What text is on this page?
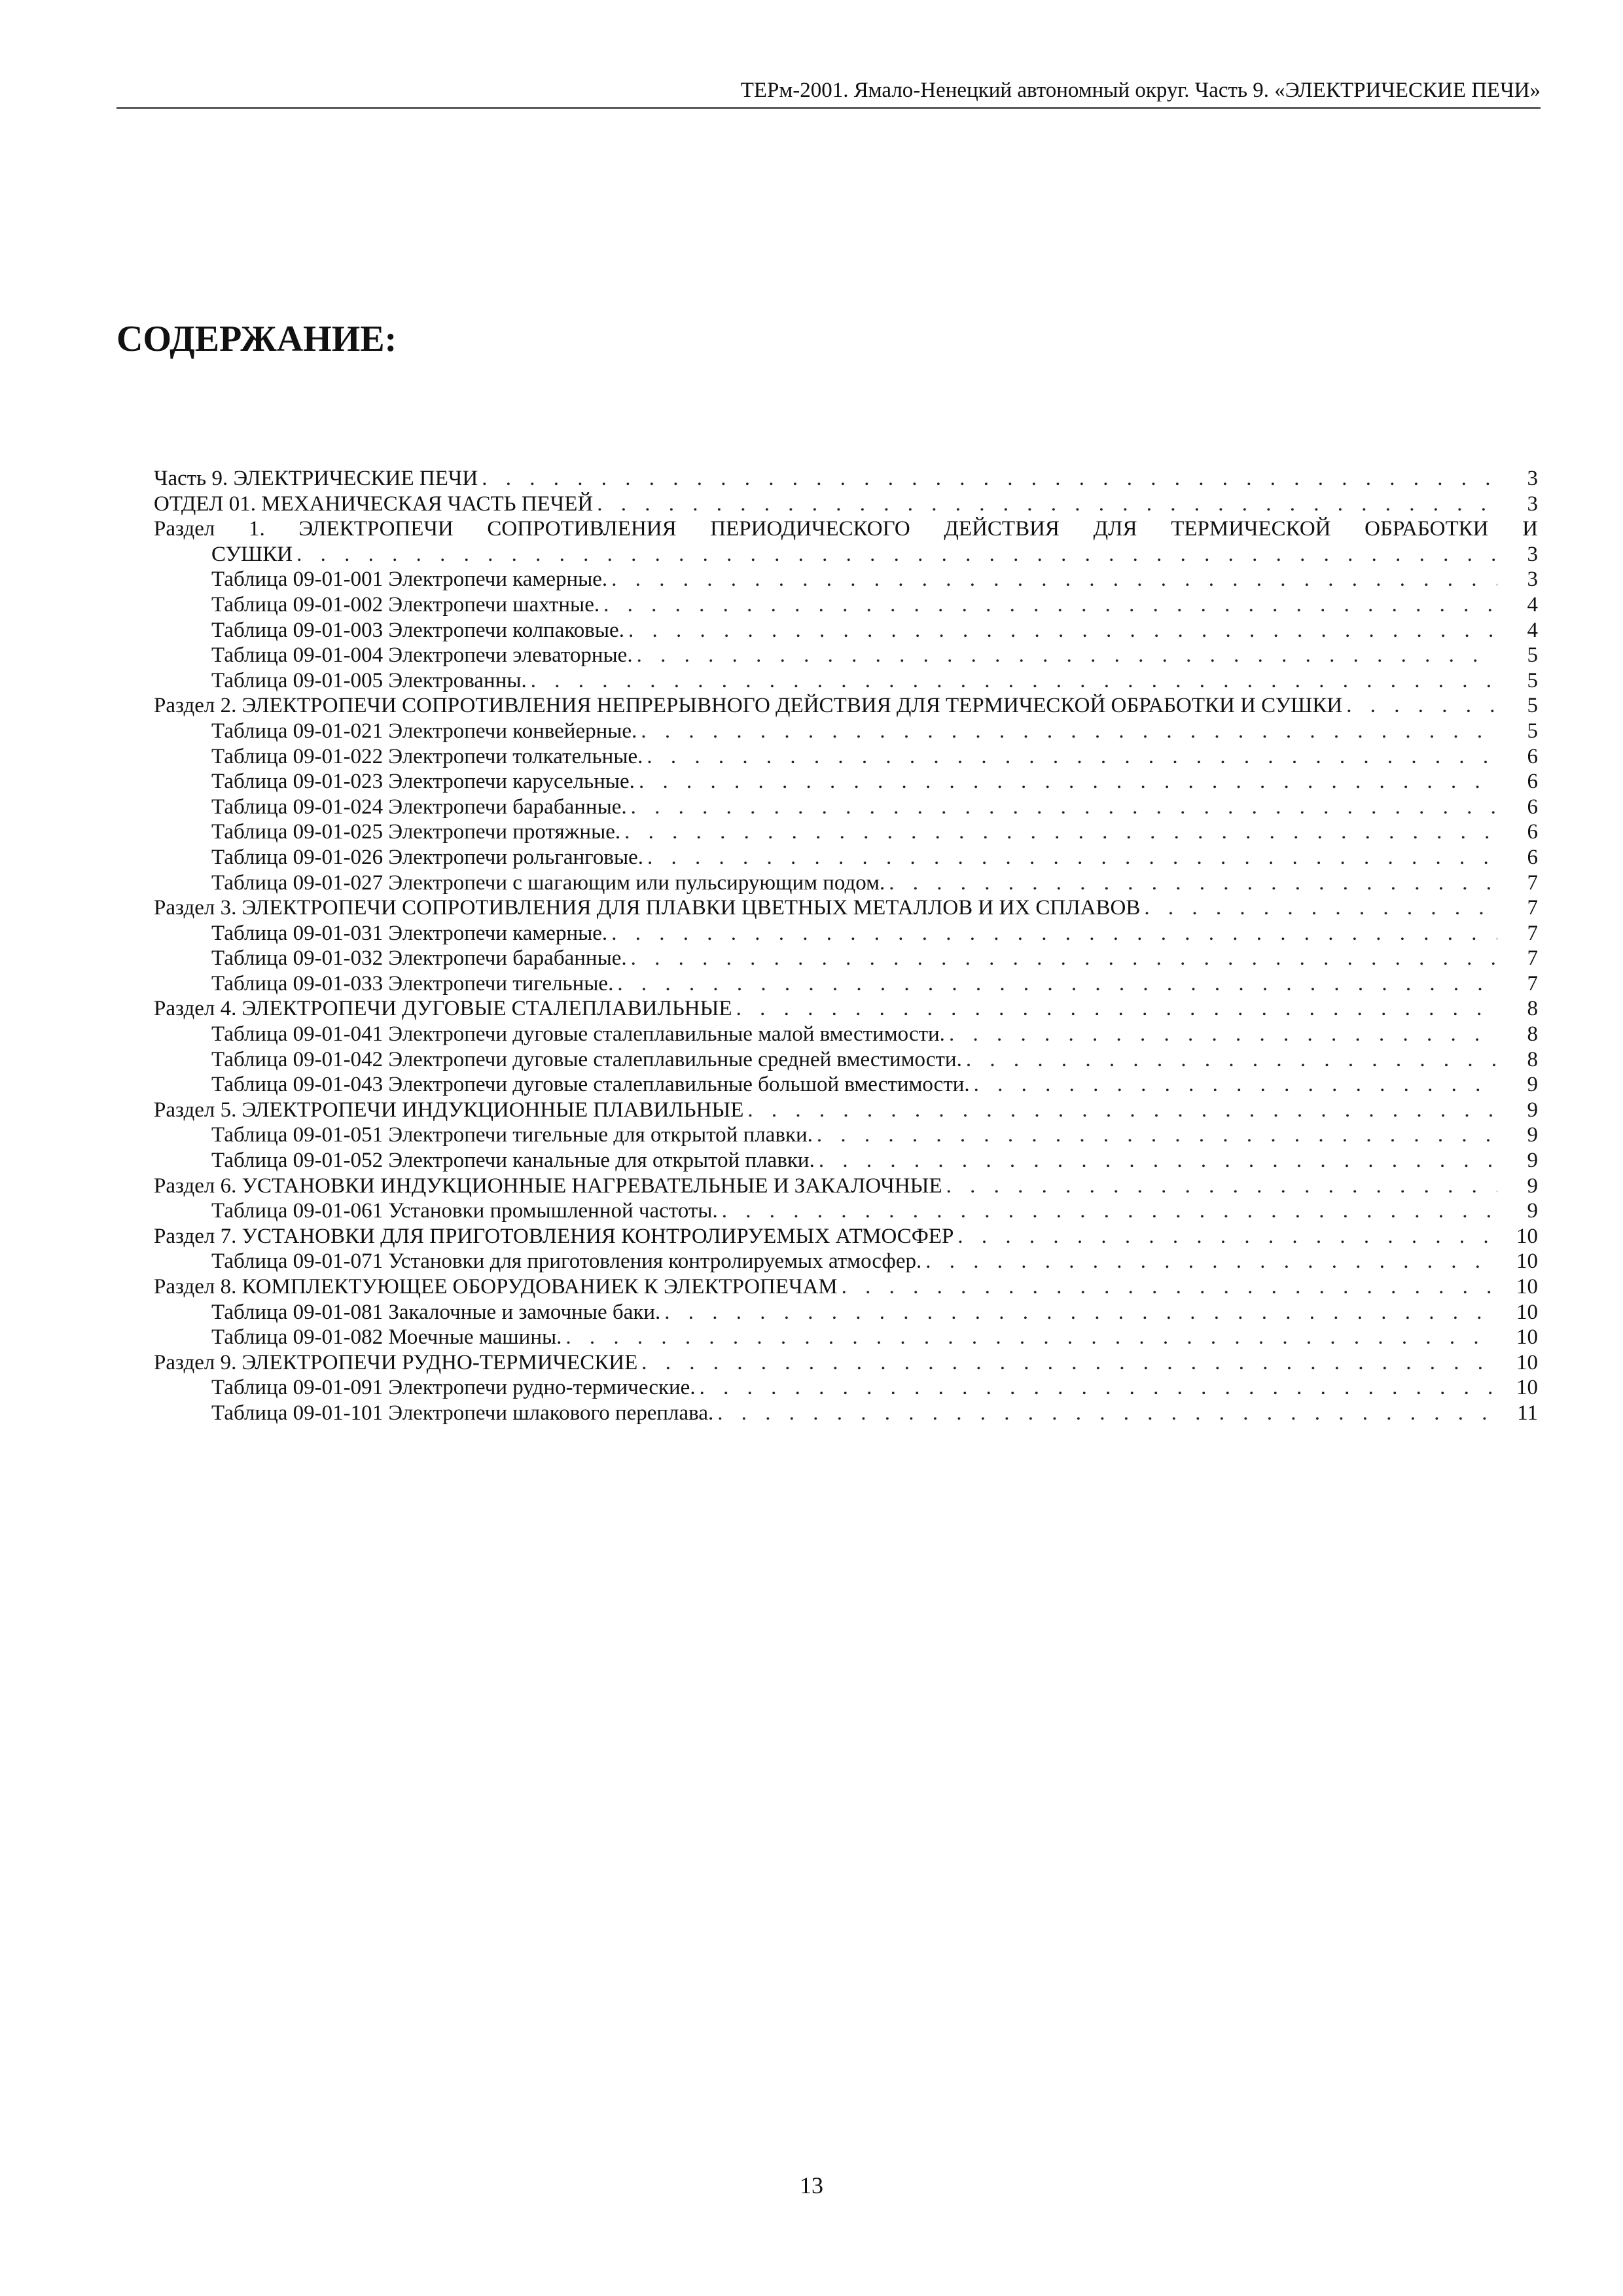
ТЕРм-2001. Ямало-Ненецкий автономный округ. Часть 9. «ЭЛЕКТРИЧЕСКИЕ ПЕЧИ»
СОДЕРЖАНИЕ:
Часть 9. ЭЛЕКТРИЧЕСКИЕ ПЕЧИ . . .	3
ОТДЕЛ 01. МЕХАНИЧЕСКАЯ ЧАСТЬ ПЕЧЕЙ . . .	3
Раздел 1. ЭЛЕКТРОПЕЧИ СОПРОТИВЛЕНИЯ ПЕРИОДИЧЕСКОГО ДЕЙСТВИЯ ДЛЯ ТЕРМИЧЕСКОЙ ОБРАБОТКИ И
СУШКИ . . .	3
Таблица 09-01-001 Электропечи камерные. . . .	3
Таблица 09-01-002 Электропечи шахтные. . . .	4
Таблица 09-01-003 Электропечи колпаковые. . . .	4
Таблица 09-01-004 Электропечи элеваторные. . . .	5
Таблица 09-01-005 Электрованны. . . .	5
Раздел 2. ЭЛЕКТРОПЕЧИ СОПРОТИВЛЕНИЯ НЕПРЕРЫВНОГО ДЕЙСТВИЯ ДЛЯ ТЕРМИЧЕСКОЙ ОБРАБОТКИ И СУШКИ . . .	5
Таблица 09-01-021 Электропечи конвейерные. . . .	5
Таблица 09-01-022 Электропечи толкательные. . . .	6
Таблица 09-01-023 Электропечи карусельные. . . .	6
Таблица 09-01-024 Электропечи барабанные. . . .	6
Таблица 09-01-025 Электропечи протяжные. . . .	6
Таблица 09-01-026 Электропечи рольганговые. . . .	6
Таблица 09-01-027 Электропечи с шагающим или пульсирующим подом. . . .	7
Раздел 3. ЭЛЕКТРОПЕЧИ СОПРОТИВЛЕНИЯ ДЛЯ ПЛАВКИ ЦВЕТНЫХ МЕТАЛЛОВ И ИХ СПЛАВОВ . . .	7
Таблица 09-01-031 Электропечи камерные. . . .	7
Таблица 09-01-032 Электропечи барабанные. . . .	7
Таблица 09-01-033 Электропечи тигельные. . . .	7
Раздел 4. ЭЛЕКТРОПЕЧИ ДУГОВЫЕ СТАЛЕПЛАВИЛЬНЫЕ . . .	8
Таблица 09-01-041 Электропечи дуговые сталеплавильные малой вместимости. . . .	8
Таблица 09-01-042 Электропечи дуговые сталеплавильные средней вместимости. . . .	8
Таблица 09-01-043 Электропечи дуговые сталеплавильные большой вместимости. . . .	9
Раздел 5. ЭЛЕКТРОПЕЧИ ИНДУКЦИОННЫЕ ПЛАВИЛЬНЫЕ . . .	9
Таблица 09-01-051 Электропечи тигельные для открытой плавки. . . .	9
Таблица 09-01-052 Электропечи канальные для открытой плавки. . . .	9
Раздел 6. УСТАНОВКИ ИНДУКЦИОННЫЕ НАГРЕВАТЕЛЬНЫЕ И ЗАКАЛОЧНЫЕ . . .	9
Таблица 09-01-061 Установки промышленной частоты. . . .	9
Раздел 7. УСТАНОВКИ ДЛЯ ПРИГОТОВЛЕНИЯ КОНТРОЛИРУЕМЫХ АТМОСФЕР . . .	10
Таблица 09-01-071 Установки для приготовления контролируемых атмосфер. . . .	10
Раздел 8. КОМПЛЕКТУЮЩЕЕ ОБОРУДОВАНИЕК К ЭЛЕКТРОПЕЧАМ . . .	10
Таблица 09-01-081 Закалочные и замочные баки. . . .	10
Таблица 09-01-082 Моечные машины. . . .	10
Раздел 9. ЭЛЕКТРОПЕЧИ РУДНО-ТЕРМИЧЕСКИЕ . . .	10
Таблица 09-01-091 Электропечи рудно-термические. . . .	10
Таблица 09-01-101 Электропечи шлакового переплава. . . .	11
13
